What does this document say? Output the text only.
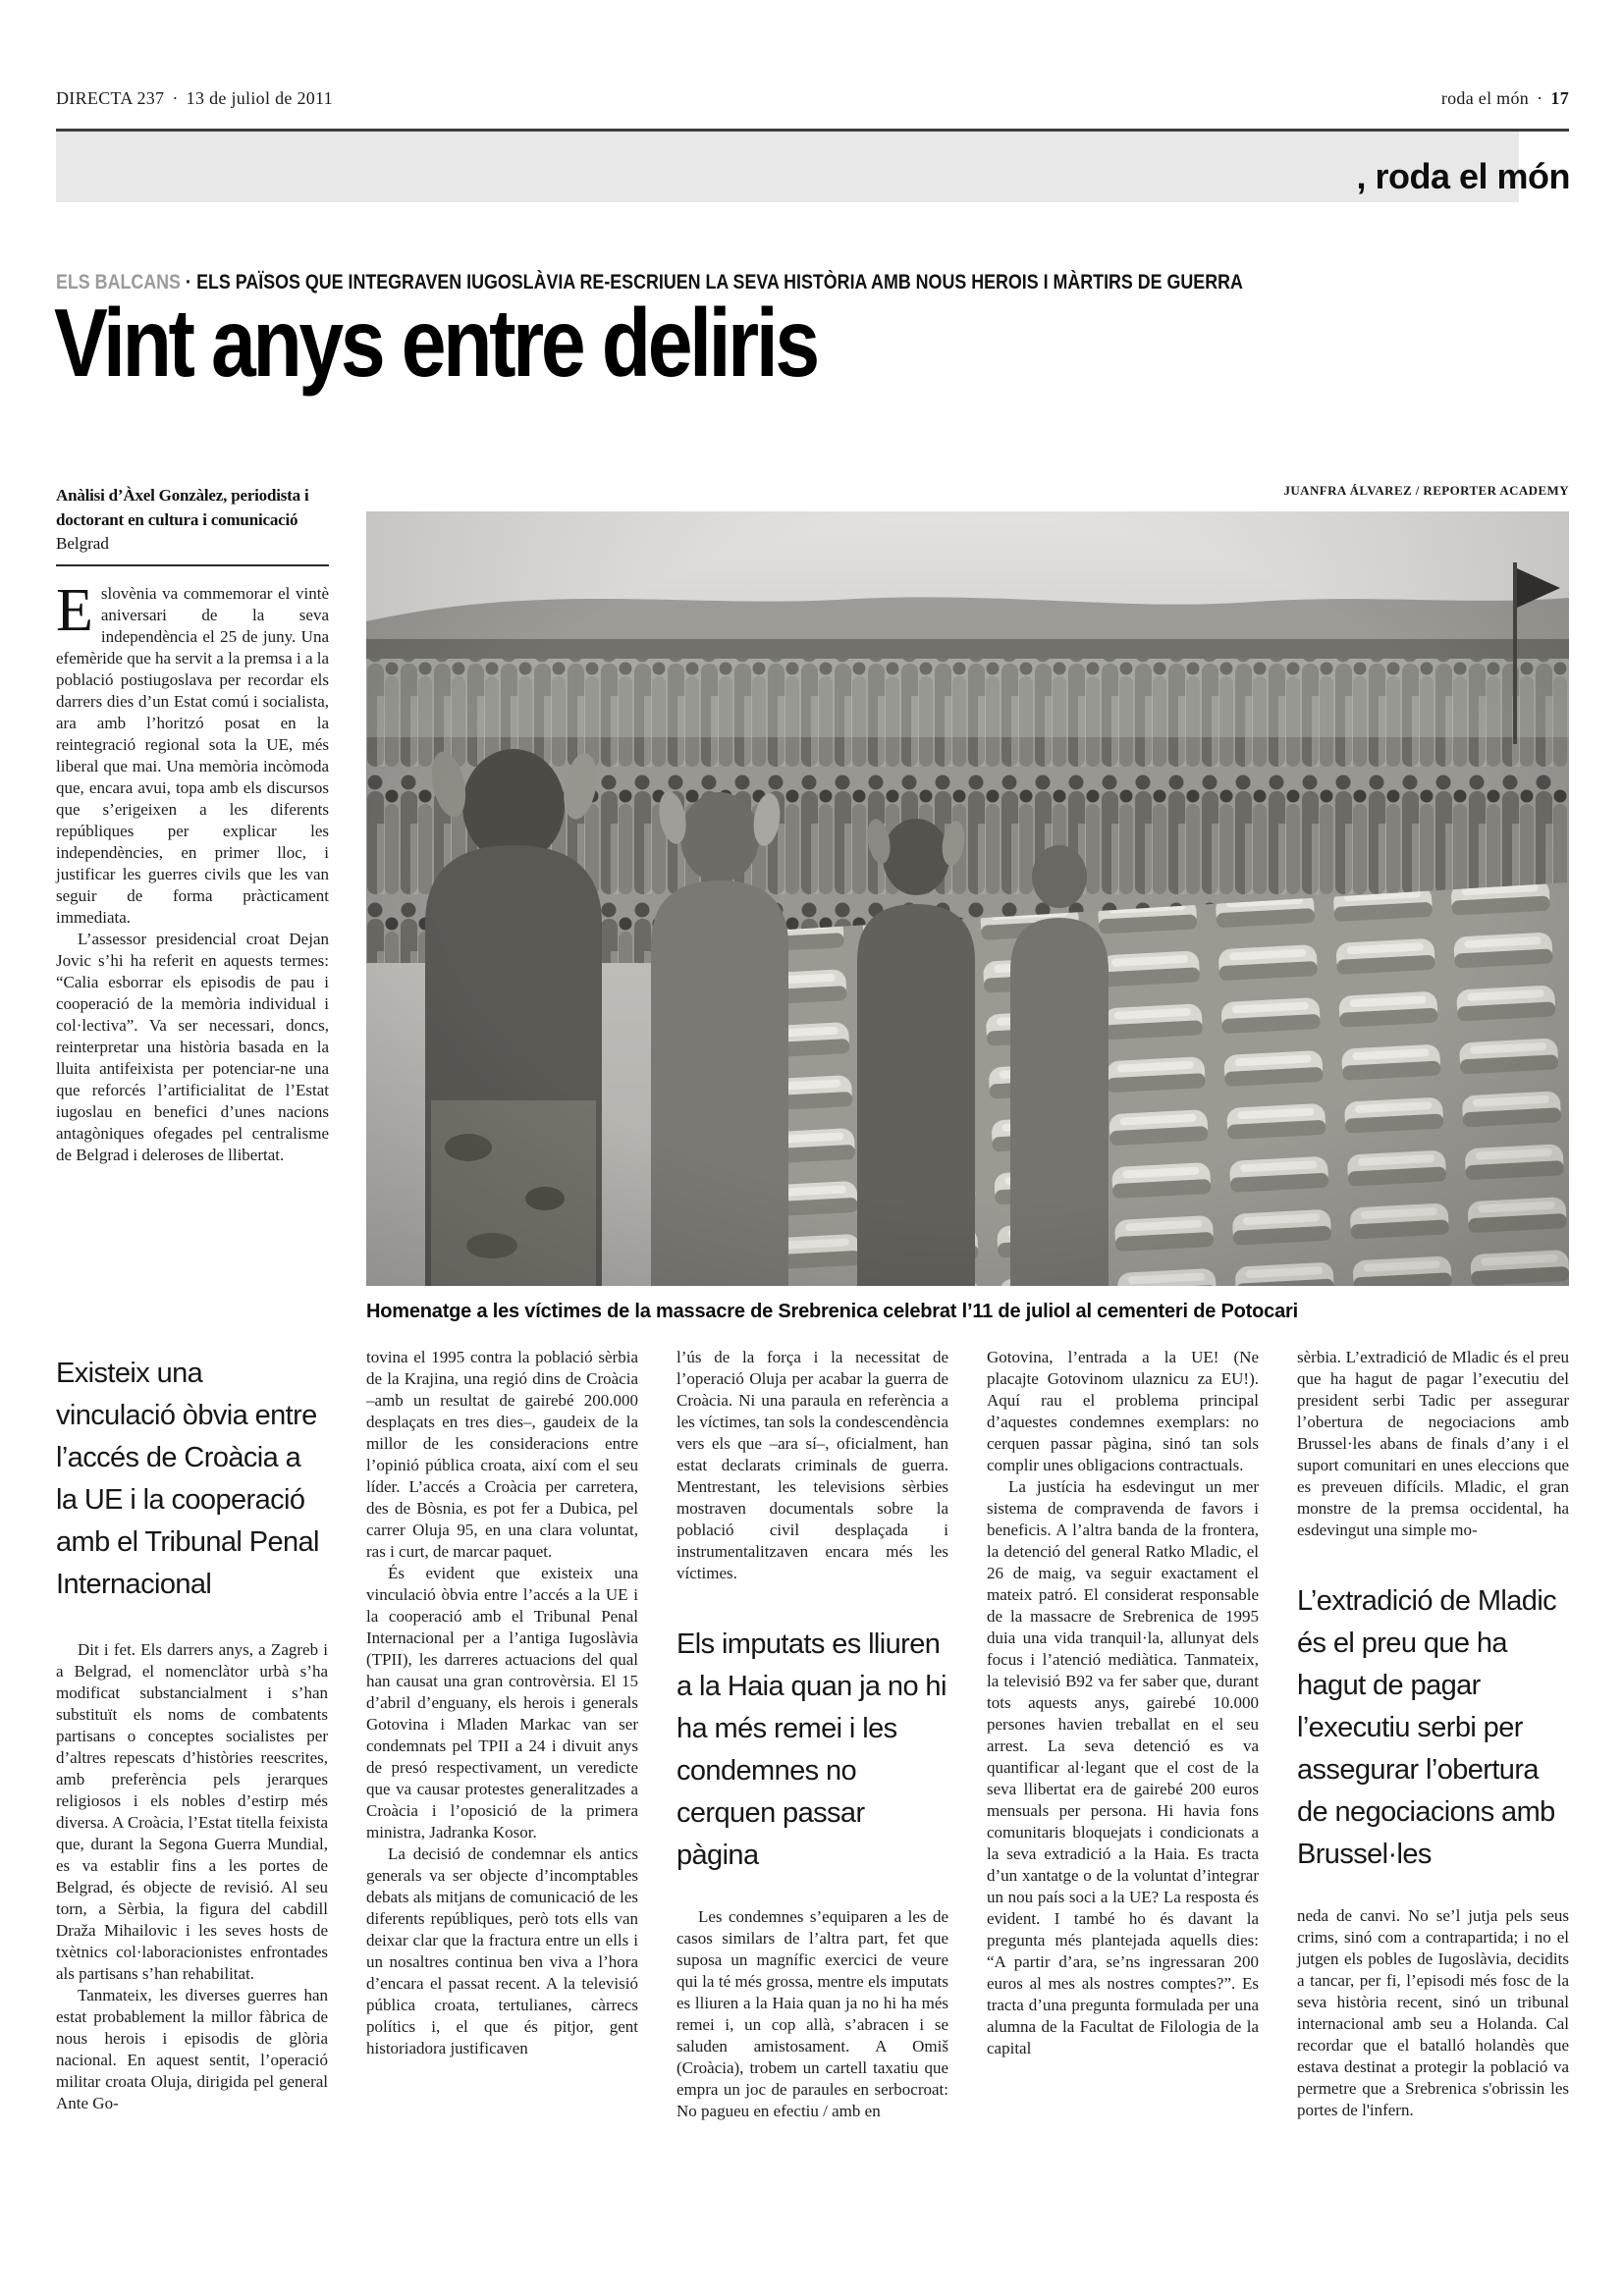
DIRECTA 237 · 13 de juliol de 2011	roda el món · 17
, roda el món
ELS BALCANS · ELS PAÏSOS QUE INTEGRAVEN IUGOSLÀVIA RE-ESCRIUEN LA SEVA HISTÒRIA AMB NOUS HEROIS I MÀRTIRS DE GUERRA
Vint anys entre deliris
JUANFRA ÁLVAREZ / REPORTER ACADEMY
Anàlisi d’Àxel Gonzàlez, periodista i
doctorant en cultura i comunicació
Belgrad

Eslovènia va commemorar el vintè aniversari de la seva independència el 25 de juny. Una efemèride que ha servit a la premsa i a la població postiugoslava per recordar els darrers dies d’un Estat comú i socialista, ara amb l’horitzó posat en la reintegració regional sota la UE, més liberal que mai. Una memòria incòmoda que, encara avui, topa amb els discursos que s’erigeixen a les diferents repúbliques per explicar les independències, en primer lloc, i justificar les guerres civils que les van seguir de forma pràcticament immediata.

L’assessor presidencial croat Dejan Jovic s’hi ha referit en aquests termes: “Calia esborrar els episodis de pau i cooperació de la memòria individual i col·lectiva”. Va ser necessari, doncs, reinterpretar una història basada en la lluita antifeixista per potenciar-ne una que reforcés l’artificialitat de l’Estat iugoslau en benefici d’unes nacions antagòniques ofegades pel centralisme de Belgrad i deleroses de llibertat.

Homenatge a les víctimes de la massacre de Srebrenica celebrat l’11 de juliol al cementeri de Potocari
Existeix una vinculació òbvia entre l’accés de Croàcia a la UE i la cooperació amb el Tribunal Penal Internacional

Dit i fet. Els darrers anys, a Zagreb i a Belgrad, el nomenclàtor urbà s’ha modificat substancialment i s’han substituït els noms de combatents partisans o conceptes socialistes per d’altres repescats d’històries reescrites, amb preferència pels jerarques religiosos i els nobles d’estirp més diversa. A Croàcia, l’Estat titella feixista que, durant la Segona Guerra Mundial, es va establir fins a les portes de Belgrad, és objecte de revisió. Al seu torn, a Sèrbia, la figura del cabdill Draža Mihailovic i les seves hosts de txètnics col·laboracionistes enfrontades als partisans s’han rehabilitat.

Tanmateix, les diverses guerres han estat probablement la millor fàbrica de nous herois i episodis de glòria nacional. En aquest sentit, l’operació militar croata Oluja, dirigida pel general Ante Go-

tovina el 1995 contra la població sèrbia de la Krajina, una regió dins de Croàcia –amb un resultat de gairebé 200.000 desplaçats en tres dies–, gaudeix de la millor de les consideracions entre l’opinió pública croata, així com el seu líder. L’accés a Croàcia per carretera, des de Bòsnia, es pot fer a Dubica, pel carrer Oluja 95, en una clara voluntat, ras i curt, de marcar paquet.

És evident que existeix una vinculació òbvia entre l’accés a la UE i la cooperació amb el Tribunal Penal Internacional per a l’antiga Iugoslàvia (TPII), les darreres actuacions del qual han causat una gran controvèrsia. El 15 d’abril d’enguany, els herois i generals Gotovina i Mladen Markac van ser condemnats pel TPII a 24 i divuit anys de presó respectivament, un veredicte que va causar protestes generalitzades a Croàcia i l’oposició de la primera ministra, Jadranka Kosor.

La decisió de condemnar els antics generals va ser objecte d’incomptables debats als mitjans de comunicació de les diferents repúbliques, però tots ells van deixar clar que la fractura entre un ells i un nosaltres continua ben viva a l’hora d’encara el passat recent. A la televisió pública croata, tertulianes, càrrecs polítics i, el que és pitjor, gent historiadora justificaven

l’ús de la força i la necessitat de l’operació Oluja per acabar la guerra de Croàcia. Ni una paraula en referència a les víctimes, tan sols la condescendència vers els que –ara sí–, oficialment, han estat declarats criminals de guerra. Mentrestant, les televisions sèrbies mostraven documentals sobre la població civil desplaçada i instrumentalitzaven encara més les víctimes.

Els imputats es lliuren a la Haia quan ja no hi ha més remei i les condemnes no cerquen passar pàgina

Les condemnes s’equiparen a les de casos similars de l’altra part, fet que suposa un magnífic exercici de veure qui la té més grossa, mentre els imputats es lliuren a la Haia quan ja no hi ha més remei i, un cop allà, s’abracen i se saluden amistosament. A Omiš (Croàcia), trobem un cartell taxatiu que empra un joc de paraules en serbocroat: No pagueu en efectiu / amb en

Gotovina, l’entrada a la UE! (Ne placajte Gotovinom ulaznicu za EU!). Aquí rau el problema principal d’aquestes condemnes exemplars: no cerquen passar pàgina, sinó tan sols complir unes obligacions contractuals.

La justícia ha esdevingut un mer sistema de compravenda de favors i beneficis. A l’altra banda de la frontera, la detenció del general Ratko Mladic, el 26 de maig, va seguir exactament el mateix patró. El considerat responsable de la massacre de Srebrenica de 1995 duia una vida tranquil·la, allunyat dels focus i l’atenció mediàtica. Tanmateix, la televisió B92 va fer saber que, durant tots aquests anys, gairebé 10.000 persones havien treballat en el seu arrest. La seva detenció es va quantificar al·legant que el cost de la seva llibertat era de gairebé 200 euros mensuals per persona. Hi havia fons comunitaris bloquejats i condicionats a la seva extradició a la Haia. Es tracta d’un xantatge o de la voluntat d’integrar un nou país soci a la UE? La resposta és evident. I també ho és davant la pregunta més plantejada aquells dies: “A partir d’ara, se’ns ingressaran 200 euros al mes als nostres comptes?”. Es tracta d’una pregunta formulada per una alumna de la Facultat de Filologia de la capital

sèrbia. L’extradició de Mladic és el preu que ha hagut de pagar l’executiu del president serbi Tadic per assegurar l’obertura de negociacions amb Brussel·les abans de finals d’any i el suport comunitari en unes eleccions que es preveuen difícils. Mladic, el gran monstre de la premsa occidental, ha esdevingut una simple mo-

L’extradició de Mladic és el preu que ha hagut de pagar l’executiu serbi per assegurar l’obertura de negociacions amb Brussel·les

neda de canvi. No se’l jutja pels seus crims, sinó com a contrapartida; i no el jutgen els pobles de Iugoslàvia, decidits a tancar, per fi, l’episodi més fosc de la seva història recent, sinó un tribunal internacional amb seu a Holanda. Cal recordar que el batalló holandès que estava destinat a protegir la població va permetre que a Srebrenica s'obrissin les portes de l'infern.
